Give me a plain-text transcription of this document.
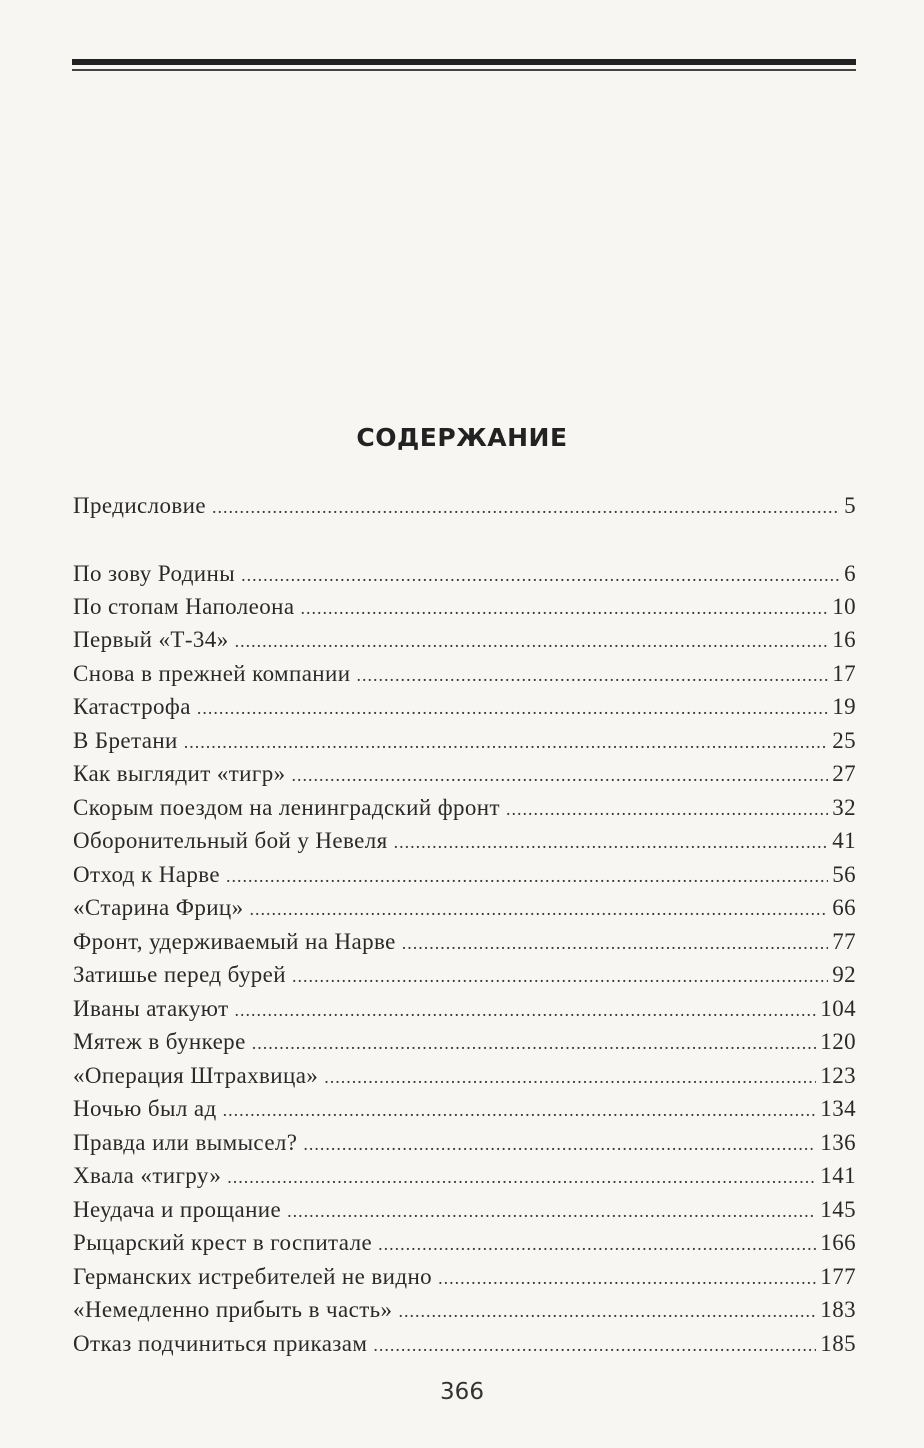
СОДЕРЖАНИЕ
Предисловие .....	5
По зову Родины .....	6
По стопам Наполеона .....	10
Первый «Т-34» .....	16
Снова в прежней компании .....	17
Катастрофа .....	19
В Бретани .....	25
Как выглядит «тигр» .....	27
Скорым поездом на ленинградский фронт .....	32
Оборонительный бой у Невеля .....	41
Отход к Нарве .....	56
«Старина Фриц» .....	66
Фронт, удерживаемый на Нарве .....	77
Затишье перед бурей .....	92
Иваны атакуют .....	104
Мятеж в бункере .....	120
«Операция Штрахвица» .....	123
Ночью был ад .....	134
Правда или вымысел? .....	136
Хвала «тигру» .....	141
Неудача и прощание .....	145
Рыцарский крест в госпитале .....	166
Германских истребителей не видно .....	177
«Немедленно прибыть в часть» .....	183
Отказ подчиниться приказам .....	185
366
